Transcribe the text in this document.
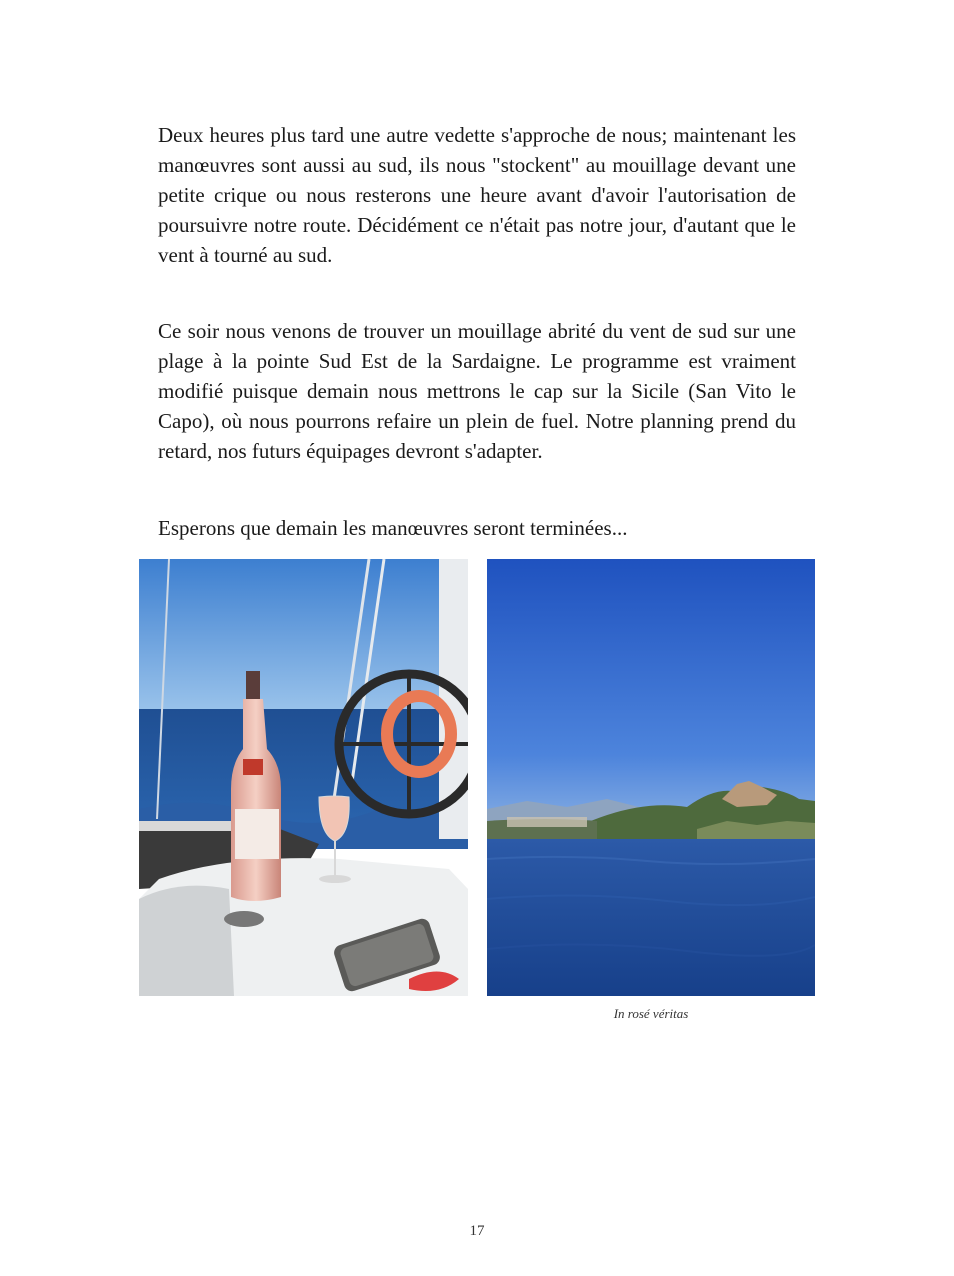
Deux heures plus tard une autre vedette s'approche de nous; maintenant les manœuvres sont aussi au sud, ils nous "stockent" au mouillage devant une petite crique ou nous resterons une heure avant d'avoir l'autorisation de poursuivre notre route. Décidément ce n'était pas notre jour, d'autant que le vent à tourné au sud.

Ce soir nous venons de trouver un mouillage abrité du vent de sud sur une plage à la pointe Sud Est de la Sardaigne. Le programme est vraiment modifié puisque demain nous mettrons le cap sur la Sicile (San Vito le Capo), où nous pourrons refaire un plein de fuel. Notre planning prend du retard, nos futurs équipages devront s'adapter.

Esperons que demain les manœuvres seront terminées...

In rosé véritas
17
